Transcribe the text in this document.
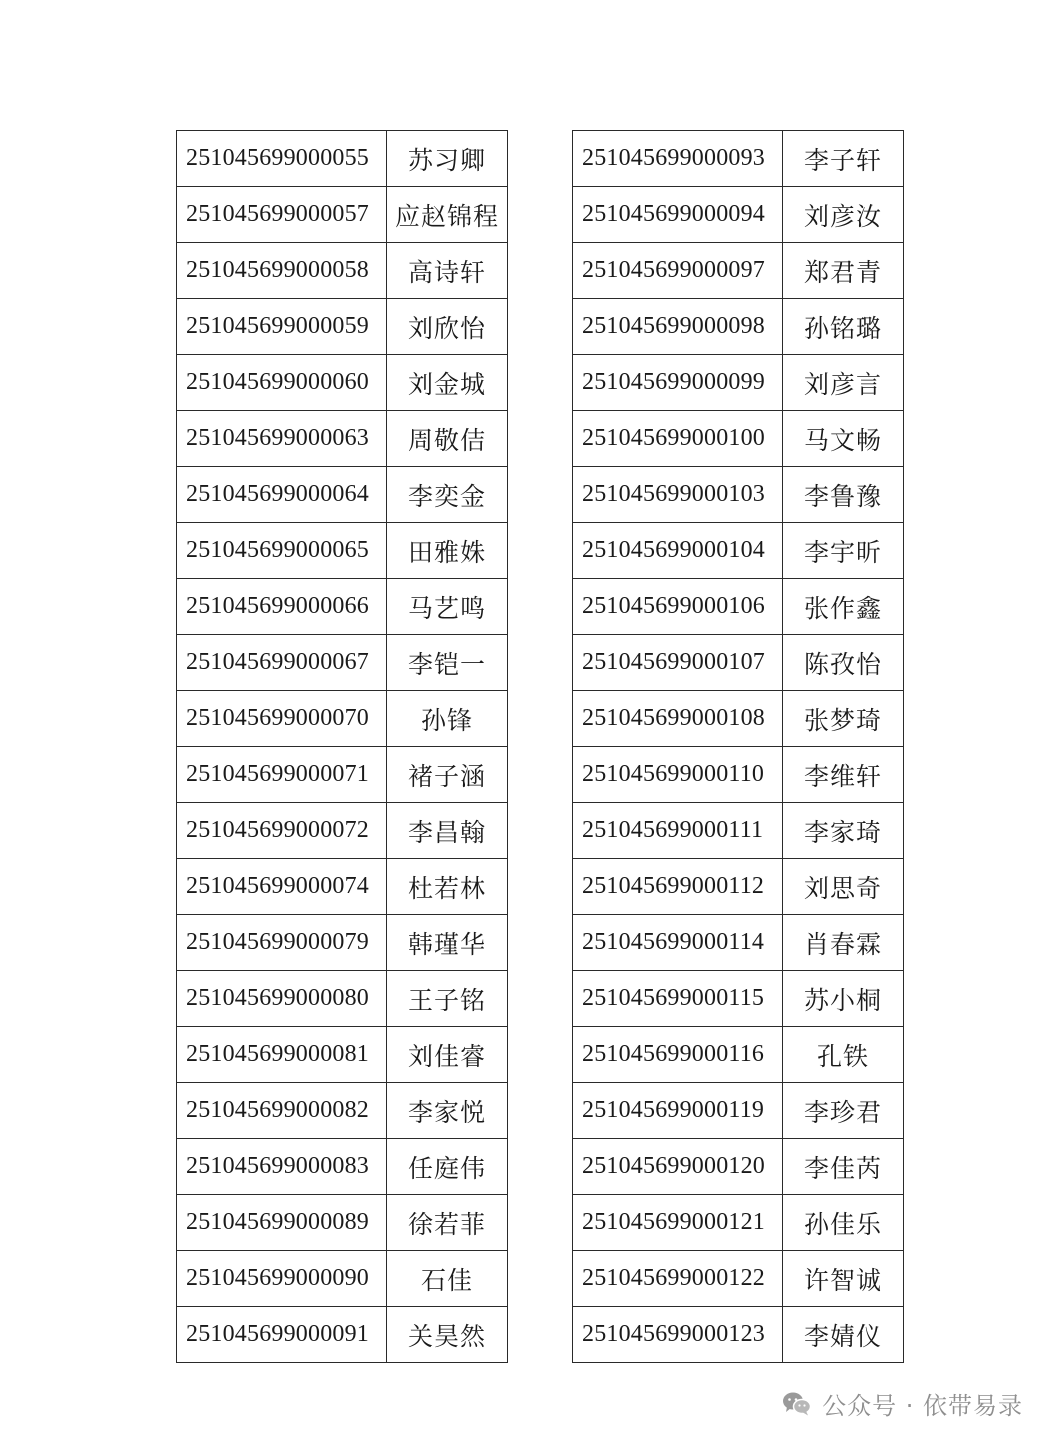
251045699000055	苏习卿
251045699000057	应赵锦程
251045699000058	高诗轩
251045699000059	刘欣怡
251045699000060	刘金城
251045699000063	周敬佶
251045699000064	李奕金
251045699000065	田雅姝
251045699000066	马艺鸣
251045699000067	李铠一
251045699000070	孙锋
251045699000071	褚子涵
251045699000072	李昌翰
251045699000074	杜若林
251045699000079	韩瑾华
251045699000080	王子铭
251045699000081	刘佳睿
251045699000082	李家悦
251045699000083	任庭伟
251045699000089	徐若菲
251045699000090	石佳
251045699000091	关昊然
251045699000093	李子轩
251045699000094	刘彦汝
251045699000097	郑君青
251045699000098	孙铭璐
251045699000099	刘彦言
251045699000100	马文畅
251045699000103	李鲁豫
251045699000104	李宇昕
251045699000106	张作鑫
251045699000107	陈孜怡
251045699000108	张梦琦
251045699000110	李维轩
251045699000111	李家琦
251045699000112	刘思奇
251045699000114	肖春霖
251045699000115	苏小桐
251045699000116	孔铁
251045699000119	李珍君
251045699000120	李佳芮
251045699000121	孙佳乐
251045699000122	许智诚
251045699000123	李婧仪
公众号 · 依带易录
